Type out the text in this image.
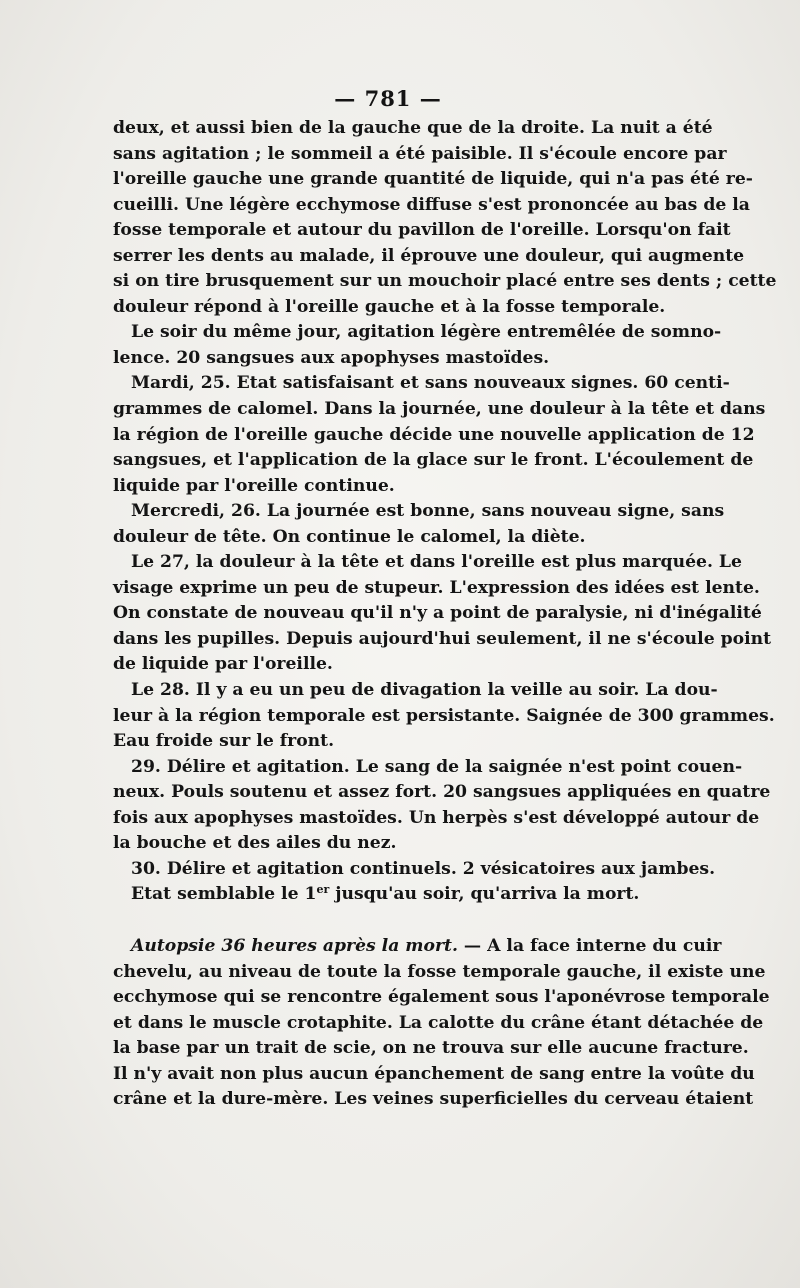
— 781 —
deux, et aussi bien de la gauche que de la droite. La nuit a été
sans agitation ; le sommeil a été paisible. Il s'écoule encore par
l'oreille gauche une grande quantité de liquide, qui n'a pas été re-
cueilli. Une légère ecchymose diffuse s'est prononcée au bas de la
fosse temporale et autour du pavillon de l'oreille. Lorsqu'on fait
serrer les dents au malade, il éprouve une douleur, qui augmente
si on tire brusquement sur un mouchoir placé entre ses dents ; cette
douleur répond à l'oreille gauche et à la fosse temporale.
Le soir du même jour, agitation légère entremêlée de somno-
lence. 20 sangsues aux apophyses mastoïdes.
Mardi, 25. Etat satisfaisant et sans nouveaux signes. 60 centi-
grammes de calomel. Dans la journée, une douleur à la tête et dans
la région de l'oreille gauche décide une nouvelle application de 12
sangsues, et l'application de la glace sur le front. L'écoulement de
liquide par l'oreille continue.
Mercredi, 26. La journée est bonne, sans nouveau signe, sans
douleur de tête. On continue le calomel, la diète.
Le 27, la douleur à la tête et dans l'oreille est plus marquée. Le
visage exprime un peu de stupeur. L'expression des idées est lente.
On constate de nouveau qu'il n'y a point de paralysie, ni d'inégalité
dans les pupilles. Depuis aujourd'hui seulement, il ne s'écoule point
de liquide par l'oreille.
Le 28. Il y a eu un peu de divagation la veille au soir. La dou-
leur à la région temporale est persistante. Saignée de 300 grammes.
Eau froide sur le front.
29. Délire et agitation. Le sang de la saignée n'est point couen-
neux. Pouls soutenu et assez fort. 20 sangsues appliquées en quatre
fois aux apophyses mastoïdes. Un herpès s'est développé autour de
la bouche et des ailes du nez.
30. Délire et agitation continuels. 2 vésicatoires aux jambes.
Etat semblable le 1er jusqu'au soir, qu'arriva la mort.
Autopsie 36 heures après la mort. — A la face interne du cuir
chevelu, au niveau de toute la fosse temporale gauche, il existe une
ecchymose qui se rencontre également sous l'aponévrose temporale
et dans le muscle crotaphite. La calotte du crâne étant détachée de
la base par un trait de scie, on ne trouva sur elle aucune fracture.
Il n'y avait non plus aucun épanchement de sang entre la voûte du
crâne et la dure-mère. Les veines superficielles du cerveau étaient
